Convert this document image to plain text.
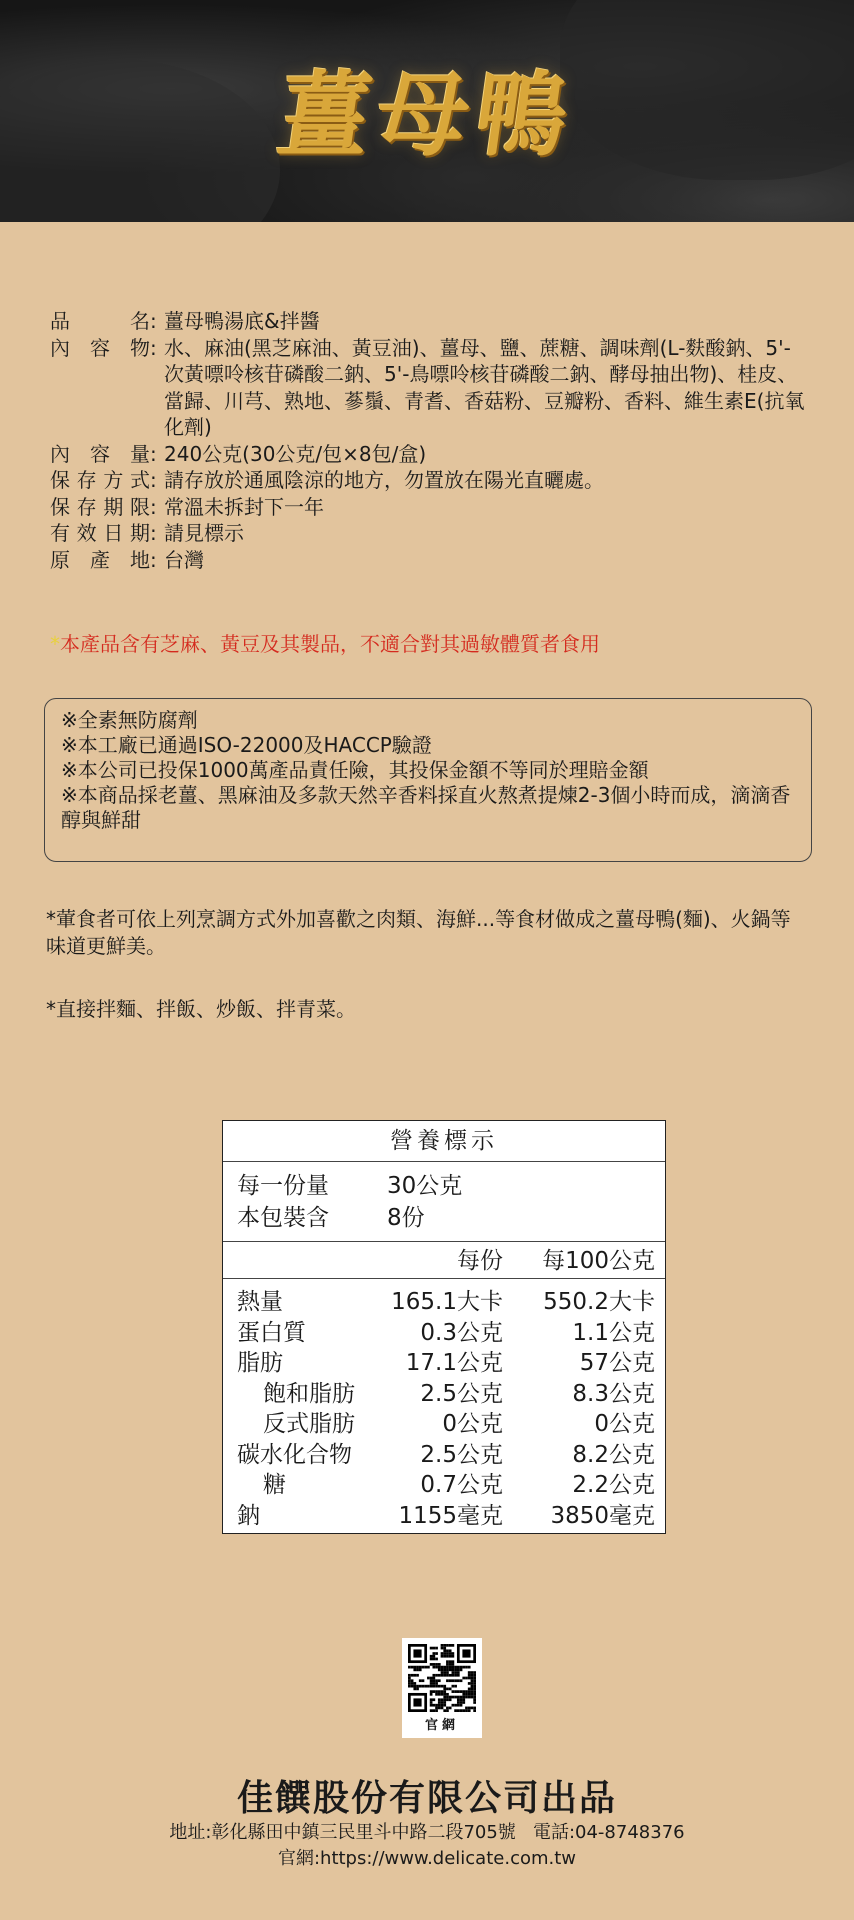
薑母鴨
品	名 : 薑母鴨湯底&拌醬
內 容 物 : 水、麻油(黑芝麻油、黃豆油)、薑母、鹽、蔗糖、調味劑(L-麩酸鈉、5'-次黃嘌呤核苷磷酸二鈉、5'-鳥嘌呤核苷磷酸二鈉、酵母抽出物)、桂皮、當歸、川芎、熟地、蔘鬚、青耆、香菇粉、豆瓣粉、香料、維生素E(抗氧化劑)
內 容 量 : 240公克(30公克/包×8包/盒)
保 存 方 式 : 請存放於通風陰涼的地方，勿置放在陽光直曬處。
保 存 期 限 : 常溫未拆封下一年
有 效 日 期 : 請見標示
原 產 地 : 台灣
*本產品含有芝麻、黃豆及其製品，不適合對其過敏體質者食用
※全素無防腐劑
※本工廠已通過ISO-22000及HACCP驗證
※本公司已投保1000萬產品責任險，其投保金額不等同於理賠金額
※本商品採老薑、黑麻油及多款天然辛香料採直火熬煮提煉2-3個小時而成，滴滴香醇與鮮甜
*葷食者可依上列烹調方式外加喜歡之肉類、海鮮...等食材做成之薑母鴨(麵)、火鍋等味道更鮮美。
*直接拌麵、拌飯、炒飯、拌青菜。
營養標示
每一份量	30公克
本包裝含	8份
每份	每100公克
熱量	165.1大卡	550.2大卡
蛋白質	0.3公克	1.1公克
脂肪	17.1公克	57公克
飽和脂肪	2.5公克	8.3公克
反式脂肪	0公克	0公克
碳水化合物	2.5公克	8.2公克
糖	0.7公克	2.2公克
鈉	1155毫克	3850毫克
官網
佳饌股份有限公司出品
地址:彰化縣田中鎮三民里斗中路二段705號 電話:04-8748376
官網:https://www.delicate.com.tw
